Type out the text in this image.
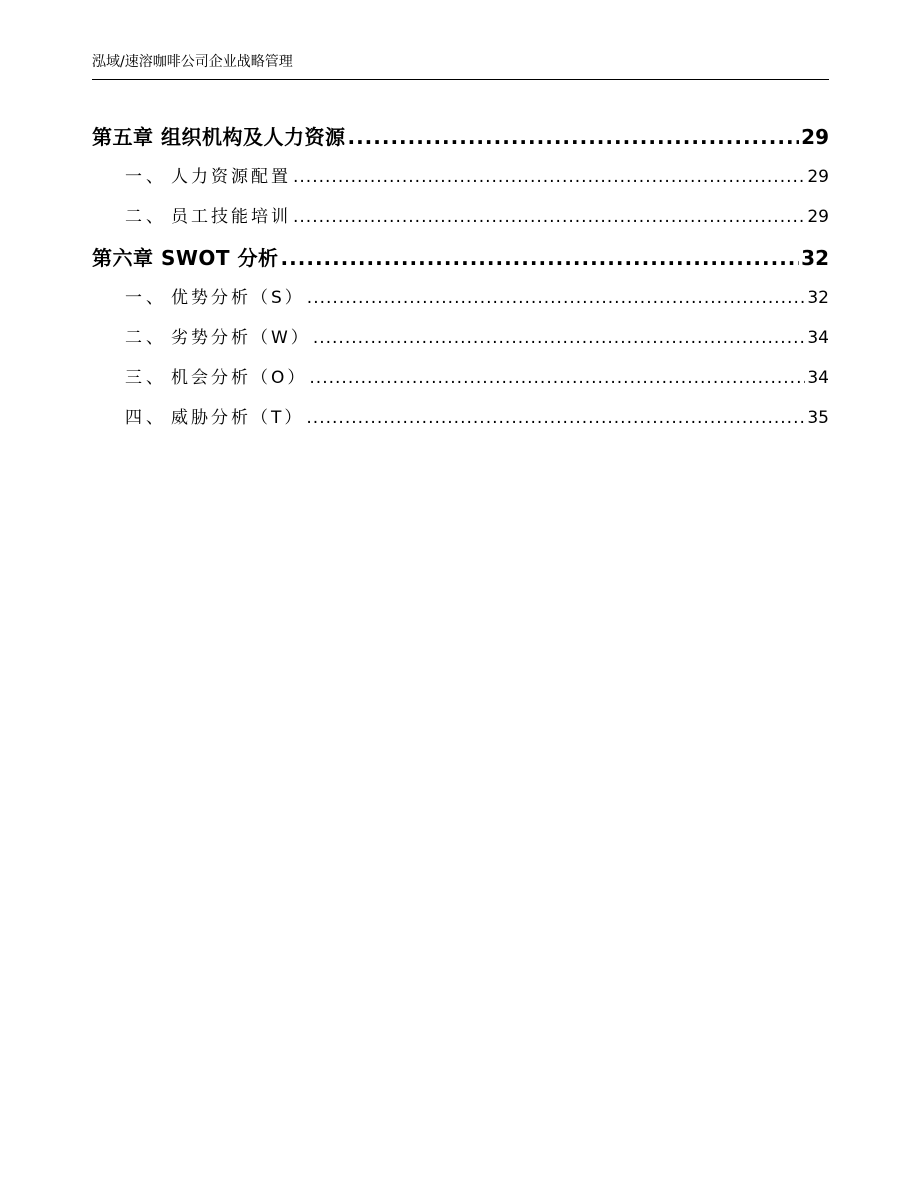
泓域/速溶咖啡公司企业战略管理
第五章 组织机构及人力资源 .....	29
一、 人力资源配置 .....	29
二、 员工技能培训 .....	29
第六章 SWOT 分析 .....	32
一、 优势分析（S） .....	32
二、 劣势分析（W） .....	34
三、 机会分析（O） .....	34
四、 威胁分析（T） .....	35
